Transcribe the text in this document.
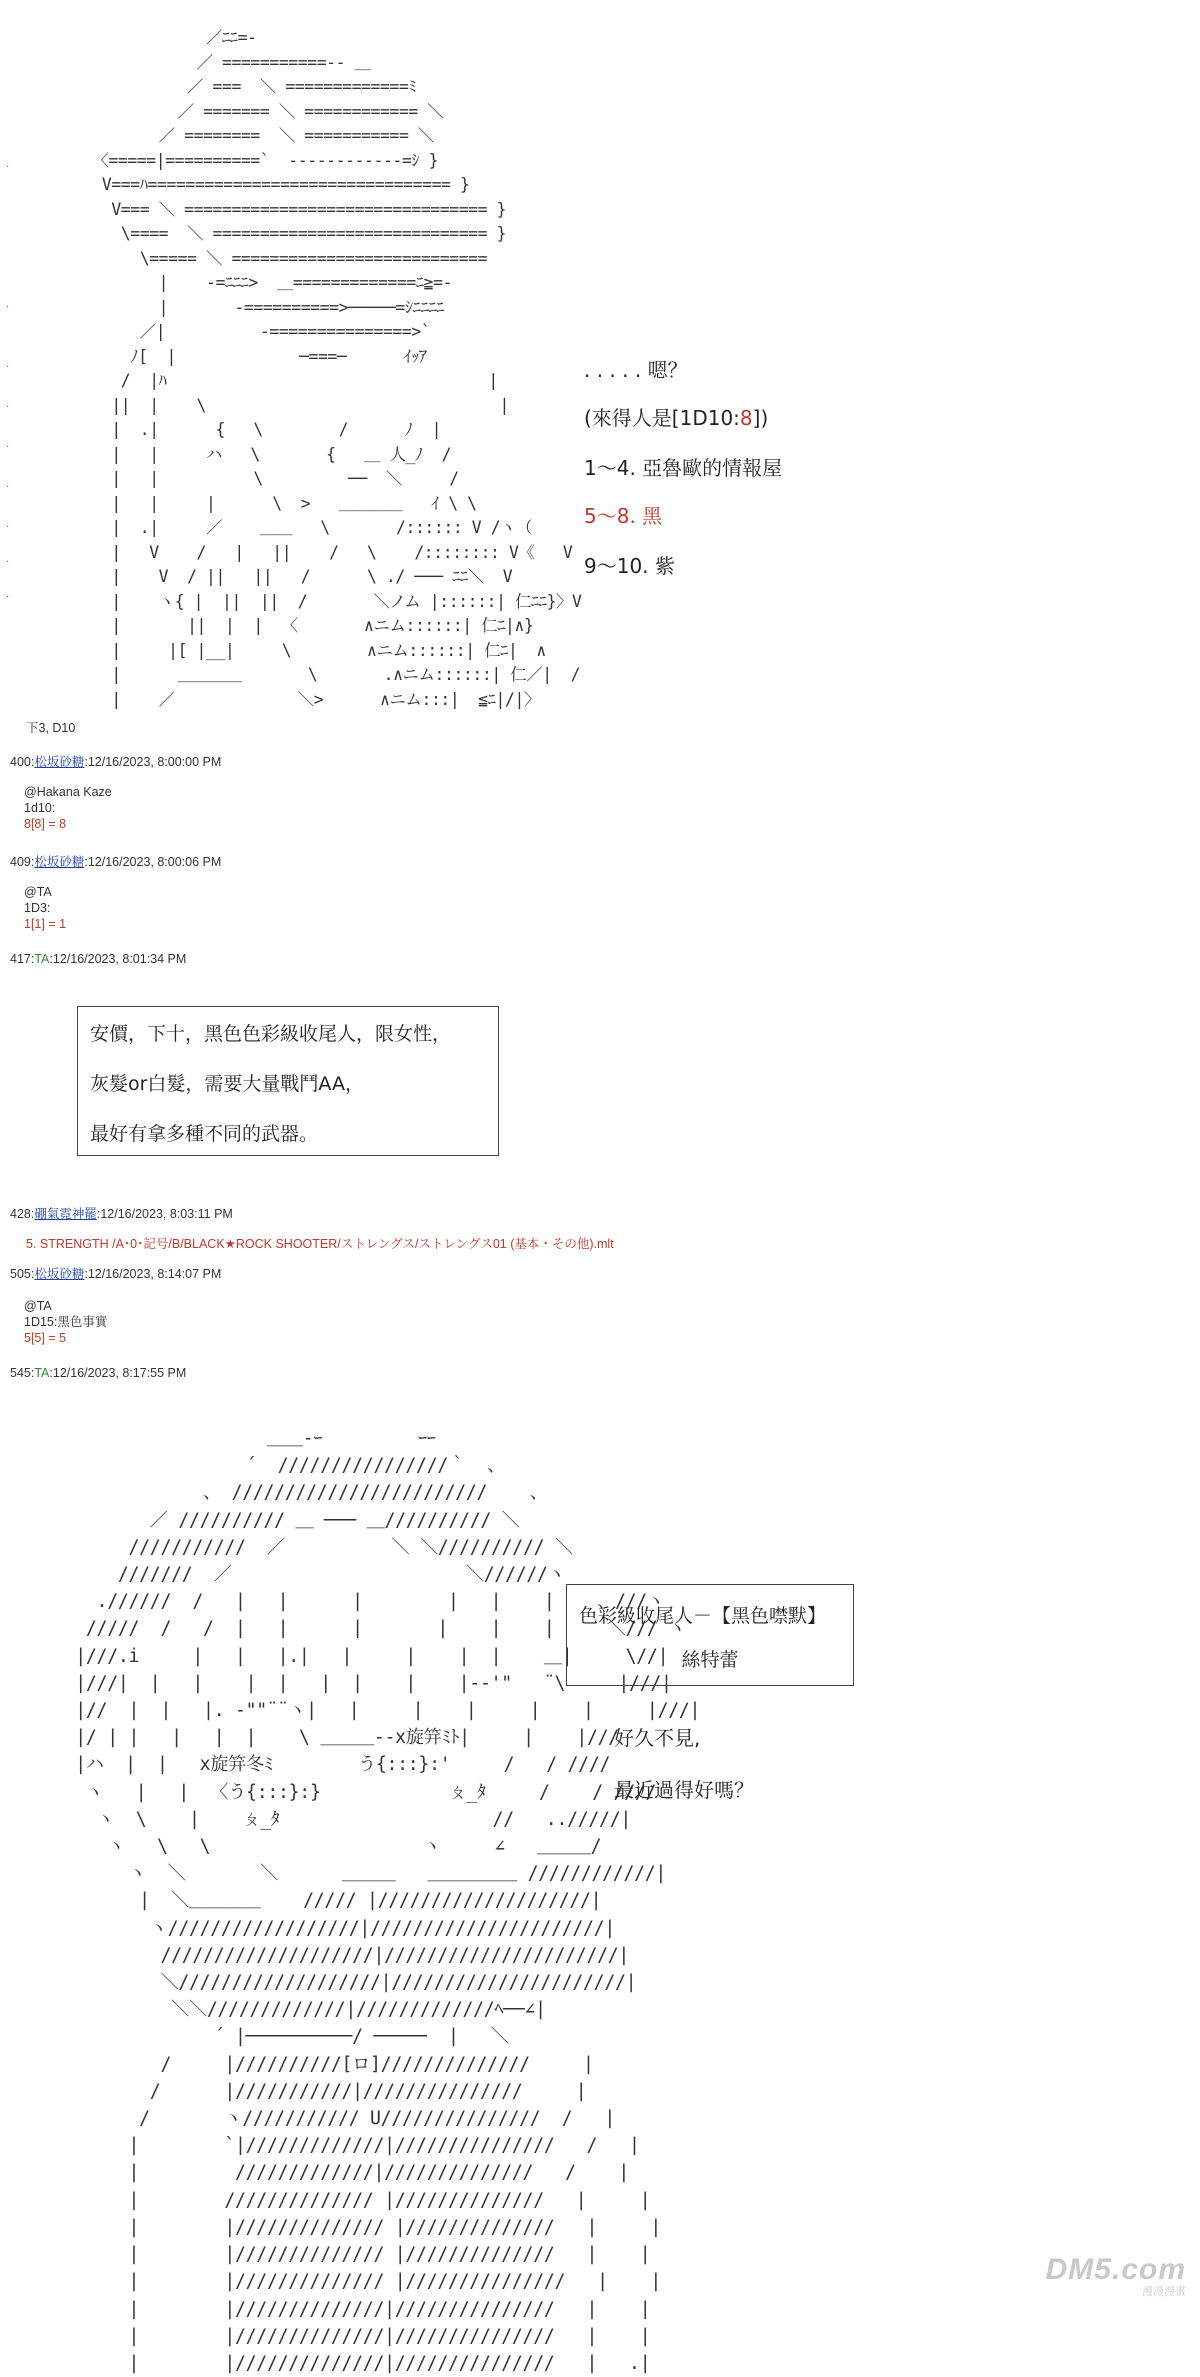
.
.
.
.
.
.
.
.
.
／ﾆﾆ=-
／ ===========-- ＿
／ ===  ＼ =============ﾐ
／ ======= ＼ ============ ＼
／ ========  ＼ =========== ＼
〈=====|==========`  ------------=ｼ }
V===ﾊ================================ }
V=== ＼ ================================ }
\====  ＼ ============================= }
\===== ＼ ===========================
|    -=ﾆﾆﾆ>  ＿=============ﾆ≧=-
|       -==========>─────=ｼﾆﾆﾆﾆ
／|          -===============>`
ﾉ[  |             ─===─      ｲｯｱ
/  |ﾊ                                  |
||  |    \                               |
|  .|      {   \        /      ﾉ  |
|   |     ハ   \       {   ＿ 人_ﾉ  /
|   |          \         ──  ＼     /
|   |     |      \  >   ＿＿＿＿   ｲ \ \
|  .|     ／    ＿＿   \       /:::::: V /ヽ（
|   V    /   |   ||    /   \    /:::::::: V《   V
|    V  / ||   ||   /      \ ./ ─── ﾆﾆ＼  V
|    ヽ{ |  ||  ||  /       ＼ノム |::::::| 仁ﾆﾆ}〉V
|       ||  |  |  〈       ∧ニム::::::| 仁ﾆ|∧}
|     |[ |__|     \        ∧ニム::::::| 仁ﾆ|  ∧
|      ＿＿＿＿       \       .∧ニム::::::| 仁／|  /
|    ／             ＼>      ∧ニム:::|  ≦ﾆ|/|〉
. . . . . 嗯？
(來得人是[1D10:8])
1～4. 亞魯歐的情報屋
5～8. 黑
9～10. 紫
下3, D10
400:松坂砂糖:12/16/2023, 8:00:00 PM
@Hakana Kaze
1d10:
8[8] = 8
409:松坂砂糖:12/16/2023, 8:00:06 PM
@TA
1D3:
1[1] = 1
417:TA:12/16/2023, 8:01:34 PM
安價，下十，黑色色彩級收尾人，限女性，
灰髮or白髮，需要大量戰鬥AA，
最好有拿多種不同的武器。
428:硼氣霓神罷:12/16/2023, 8:03:11 PM
5. STRENGTH /A･0･記号/B/BLACK★ROCK SHOOTER/ストレングス/ストレングス01 (基本・その他).mlt
505:松坂砂糖:12/16/2023, 8:14:07 PM
@TA
1D15:黑色事實
5[5] = 5
545:TA:12/16/2023, 8:17:55 PM
＿＿-ｰ         ｰｰ
´  ////////////////｀  、
、 ////////////////////////    、
／ ////////// ＿ ─── ＿////////// ＼
///////////  ／          ＼ ＼////////// ＼
///////  ／                      ＼//////ヽ
.//////  /   |   |      |        |   |    |    、///ヽ
/////  /   /  |   |      |       |    |    |     ＼/// ヽ
|///.i     |   |   |.|   |     |    |  |    ＿|     \//|
|///|  |   |    |  |   |  |    |    |‐‐'"   ¨\     |///|
|//  |  |   |. ‐""¨¨ヽ|   |     |    |     |    |     |///|
|/ | |   |   |  |    \ ＿＿＿‐‐x旋笄ﾐﾄ|     |    |///
|ハ  |  |   x旋笄冬ﾐ        う{:::}:'     /   / ////
ヽ   |   |  〈う{:::}:}            ㄆ_ﾀ     /    / ////
ヽ  \    |    ㄆ_ﾀ                    //   ../////|
ヽ   \   \                    ヽ     ∠   ＿＿＿/
ヽ  ＼       ＼      ＿＿＿   ＿＿＿＿＿ ////////////|
|  ＼＿＿＿＿    ///// |////////////////////|
ヽ//////////////////|//////////////////////|
////////////////////|//////////////////////|
＼///////////////////|//////////////////////|
＼＼/////////////|/////////////ﾍ──∠|
´ |──────────/ ─────  |   ＼
/     |//////////[ロ]//////////////     |
/      |///////////|///////////////     |
/       ヽ/////////// U///////////////  /   |
|        `|/////////////|///////////////   /   |
|         /////////////|//////////////   /    |
|        ////////////// |//////////////   |     |
|        |////////////// |//////////////   |     |
|        |////////////// |//////////////   |    |
|        |////////////// |///////////////   |    |
|        |//////////////|///////////////   |    |
|        |//////////////|///////////////   |    |
|        |//////////////|///////////////   |   .|
色彩級收尾人－【黑色噤默】
絲特蕾
好久不見,
最近過得好嗎？
DM5.com
漫漫漫畫
